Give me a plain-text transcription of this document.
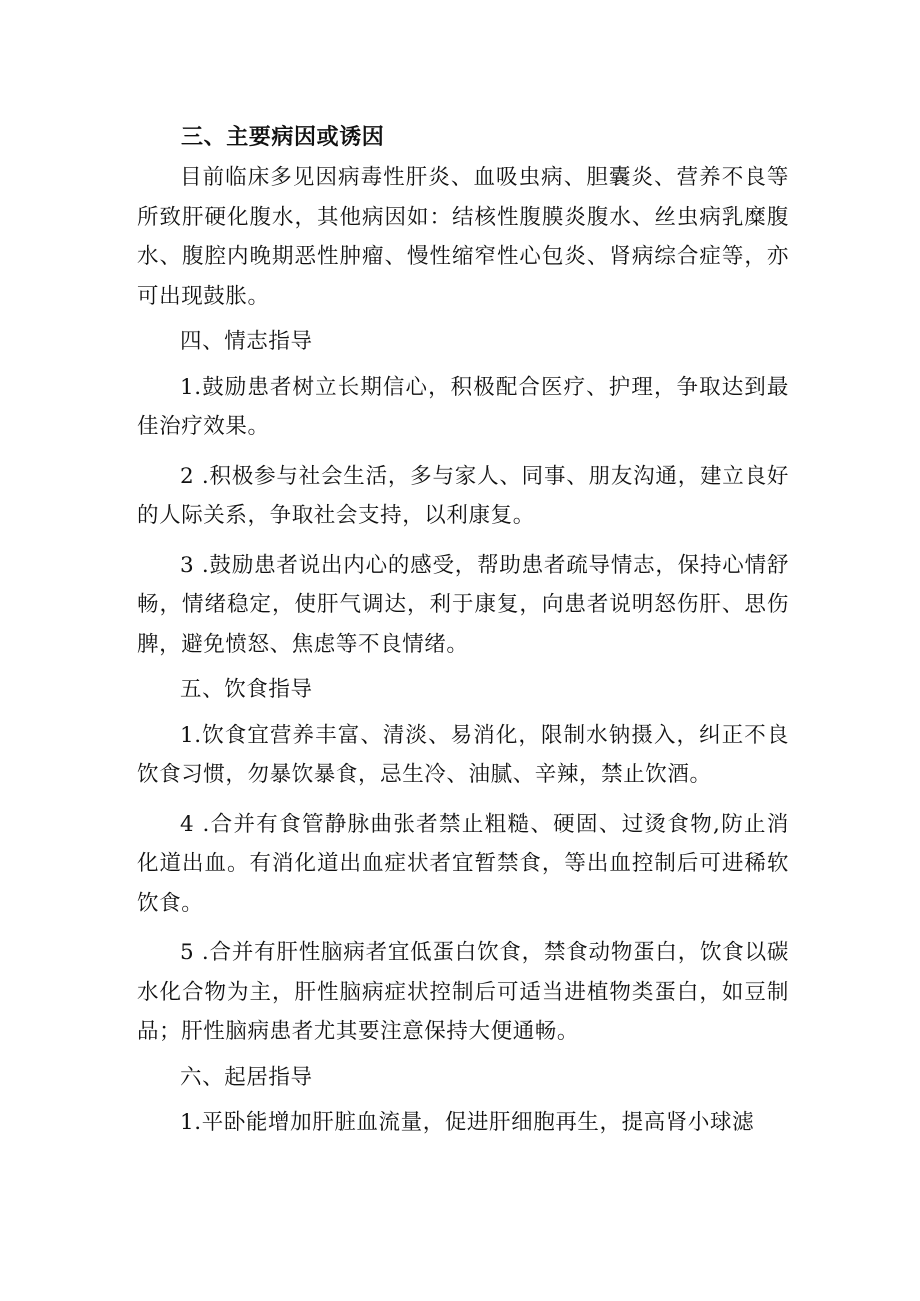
三、主要病因或诱因

目前临床多见因病毒性肝炎、血吸虫病、胆囊炎、营养不良等所致肝硬化腹水，其他病因如：结核性腹膜炎腹水、丝虫病乳糜腹水、腹腔内晚期恶性肿瘤、慢性缩窄性心包炎、肾病综合症等，亦可出现鼓胀。

四、情志指导

1.鼓励患者树立长期信心，积极配合医疗、护理，争取达到最佳治疗效果。

2 .积极参与社会生活，多与家人、同事、朋友沟通，建立良好的人际关系，争取社会支持，以利康复。

3 .鼓励患者说出内心的感受，帮助患者疏导情志，保持心情舒畅，情绪稳定，使肝气调达，利于康复，向患者说明怒伤肝、思伤脾，避免愤怒、焦虑等不良情绪。

五、饮食指导

1.饮食宜营养丰富、清淡、易消化，限制水钠摄入，纠正不良饮食习惯，勿暴饮暴食，忌生冷、油腻、辛辣，禁止饮酒。

4 .合并有食管静脉曲张者禁止粗糙、硬固、过烫食物,防止消化道出血。有消化道出血症状者宜暂禁食，等出血控制后可进稀软饮食。

5 .合并有肝性脑病者宜低蛋白饮食，禁食动物蛋白，饮食以碳水化合物为主，肝性脑病症状控制后可适当进植物类蛋白，如豆制品；肝性脑病患者尤其要注意保持大便通畅。

六、起居指导

1.平卧能增加肝脏血流量，促进肝细胞再生，提高肾小球滤
